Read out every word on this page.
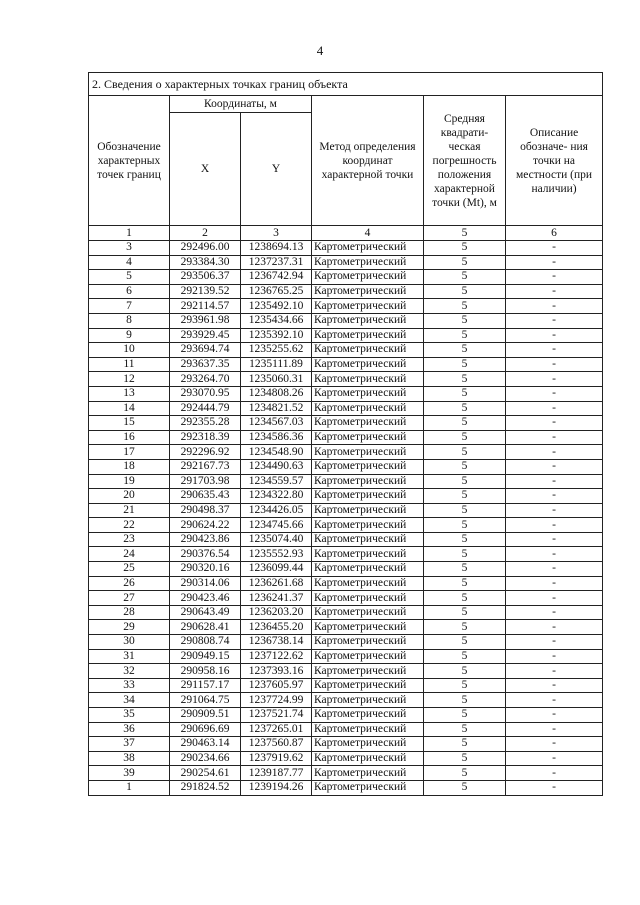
4
2. Сведения о характерных точках границ объекта					
Обозначение характерных точек границ	Координаты, м		Метод определения координат характерной точки	Средняя квадрати- ческая погрешность положения характерной точки (Mt), м	Описание обозначе- ния точки на местности (при наличии)
	X	Y			
1	2	3	4	5	6
3	292496.00	1238694.13	Картометрический	5	-
4	293384.30	1237237.31	Картометрический	5	-
5	293506.37	1236742.94	Картометрический	5	-
6	292139.52	1236765.25	Картометрический	5	-
7	292114.57	1235492.10	Картометрический	5	-
8	293961.98	1235434.66	Картометрический	5	-
9	293929.45	1235392.10	Картометрический	5	-
10	293694.74	1235255.62	Картометрический	5	-
11	293637.35	1235111.89	Картометрический	5	-
12	293264.70	1235060.31	Картометрический	5	-
13	293070.95	1234808.26	Картометрический	5	-
14	292444.79	1234821.52	Картометрический	5	-
15	292355.28	1234567.03	Картометрический	5	-
16	292318.39	1234586.36	Картометрический	5	-
17	292296.92	1234548.90	Картометрический	5	-
18	292167.73	1234490.63	Картометрический	5	-
19	291703.98	1234559.57	Картометрический	5	-
20	290635.43	1234322.80	Картометрический	5	-
21	290498.37	1234426.05	Картометрический	5	-
22	290624.22	1234745.66	Картометрический	5	-
23	290423.86	1235074.40	Картометрический	5	-
24	290376.54	1235552.93	Картометрический	5	-
25	290320.16	1236099.44	Картометрический	5	-
26	290314.06	1236261.68	Картометрический	5	-
27	290423.46	1236241.37	Картометрический	5	-
28	290643.49	1236203.20	Картометрический	5	-
29	290628.41	1236455.20	Картометрический	5	-
30	290808.74	1236738.14	Картометрический	5	-
31	290949.15	1237122.62	Картометрический	5	-
32	290958.16	1237393.16	Картометрический	5	-
33	291157.17	1237605.97	Картометрический	5	-
34	291064.75	1237724.99	Картометрический	5	-
35	290909.51	1237521.74	Картометрический	5	-
36	290696.69	1237265.01	Картометрический	5	-
37	290463.14	1237560.87	Картометрический	5	-
38	290234.66	1237919.62	Картометрический	5	-
39	290254.61	1239187.77	Картометрический	5	-
1	291824.52	1239194.26	Картометрический	5	-
